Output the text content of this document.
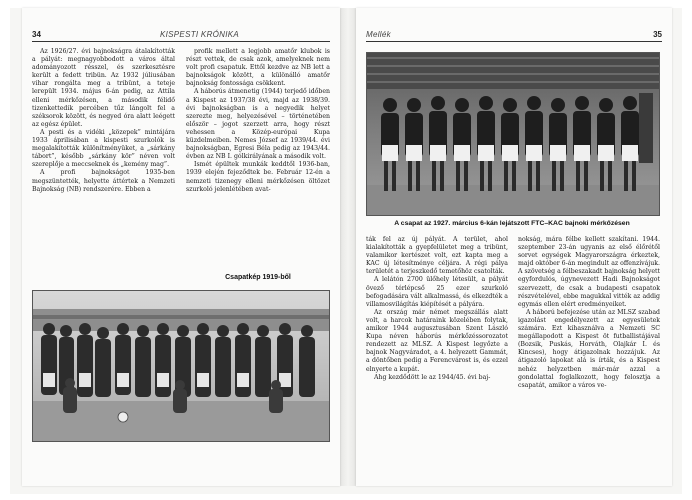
34	KISPESTI KRÓNIKA

Az 1926/27. évi bajnokságra átalakították a pályát: megnagyobbodott a város által adományozott résszel, és szerkesztésre került a fedett tribün. Az 1932 júliusában vihar rongálta meg a tribünt, a teteje lerepült 1934. május 6-án pedig, az Attila elleni mérkőzésen, a második félidő tizenkettedik percében tűz lángolt fel a széksorok között, és negyed óra alatt leégett az egész épület.

A pesti és a vidéki „közepek” mintájára 1933 áprilisában a kispesti szurkolók is megalakították különítményüket, a „sárkány tábort”, később „sárkány kör” néven volt szereplője a meccseknek és „kemény mag”.

A profi bajnokságot 1935-ben megszüntették, helyette áttértek a Nemzeti Bajnokság (NB) rendszerére. Ebben a

profik mellett a legjobb amatőr klubok is részt vettek, de csak azok, amelyeknek nem volt profi csapatuk. Ettől kezdve az NB lett a bajnokságok között, a különálló amatőr bajnokság fontossága csökkent.

A háborús átmenetig (1944) terjedő időben a Kispest az 1937/38 évi, majd az 1938/39. évi bajnokságban is a negyedik helyet szerezte meg, helyezésével – történetében először – jogot szerzett arra, hogy részt vehessen a Közép-európai Kupa küzdelmeiben. Nemes József az 1939/44. évi bajnokságban, Egresi Béla pedig az 1943/44. évben az NB I. gólkirályának a második volt.

Ismét épültek munkák keddtől 1936-ban, 1939 elején fejeződtek be. Február 12-én a nemzeti tizenegy elleni mérkőzésen öltözet szurkoló jelenlétében avat-

Csapatkép 1919-ből
Mellék	35
A csapat az 1927. március 6-kán lejátszott FTC–KAC bajnoki mérkőzésen

ták fel az új pályát. A terület, ahol kialakították a gyepfelületet meg a tribünt, valamikor kertészet volt, ezt kapta meg a KAC új létesítménye céljára. A régi pálya területét a terjeszkedő temetőhöz csatolták.

A lelátón 2700 ülőhely létesült, a pályát övező térlépcső 25 ezer szurkoló befogadására vált alkalmassá, és elkezdték a villamosvilágítás kiépítését a pályára.

Az ország már német megszállás alatt volt, a harcok határaink közelében folytak, amikor 1944 augusztusában Szent László Kupa néven háborús mérkőzéssorozatot rendezett az MLSZ. A Kispest legyőzte a bajnok Nagyváradot, a 4. helyezett Gammát, a döntőben pedig a Ferencvárost is, és ezzel elnyerte a kupát.

Ahg kezdődött le az 1944/45. évi baj-

nokság, mára félbe kellett szakítani. 1944. szeptember 23-án ugyanis az első élőrétől sorvet egységek Magyarországra érkeztek, majd október 6-án megindult az offenzívájuk. A szövetség a félbeszakadt bajnokság helyett egyfordulós, úgynevezett Hadi Bajnokságot szervezett, de csak a budapesti csapatok részvételével, ebbe magukkal vitték az addig egymás ellen elért eredményeiket.

A háború befejezése után az MLSZ szabad igazolást engedélyezett az egyesületek számára. Ezt kihasználva a Nemzeti SC megállapodott a Kispest öt futballistájával (Bozsik, Puskás, Horváth, Olajkár I. és Kincses), hogy átigazolnak hozzájuk. Az átigazoló lapokat alá is írták, és a Kispest nehéz helyzetben már-már azzal a gondolattal foglalkozott, hogy felosztja a csapatát, amikor a város ve-
